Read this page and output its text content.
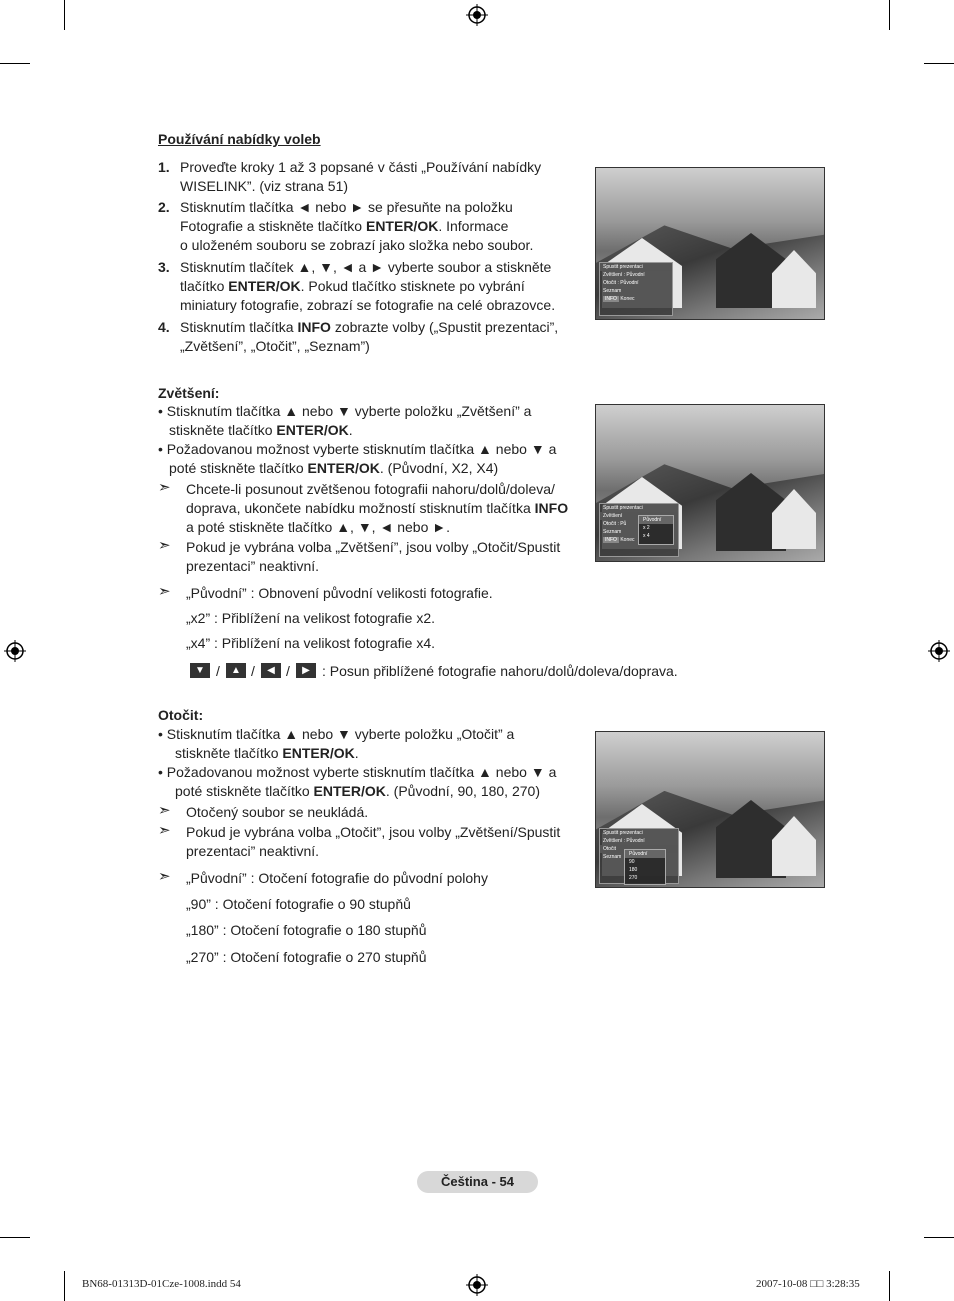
Používání nabídky voleb
1. Proveďte kroky 1 až 3 popsané v části „Používání nabídky
WISELINK”. (viz strana 51)
2. Stisknutím tlačítka ◄ nebo ► se přesuňte na položku
Fotografie a stiskněte tlačítko ENTER/OK. Informace
o uloženém souboru se zobrazí jako složka nebo soubor.
3. Stisknutím tlačítek ▲, ▼, ◄ a ► vyberte soubor a stiskněte
tlačítko ENTER/OK. Pokud tlačítko stisknete po vybrání
miniatury fotografie, zobrazí se fotografie na celé obrazovce.
4. Stisknutím tlačítka INFO zobrazte volby („Spustit prezentaci”,
„Zvětšení”, „Otočit”, „Seznam”)
Spustit prezentaci
Zvětšení : Původní
Otočit : Původní
Seznam
INFO Konec
Zvětšení:
• Stisknutím tlačítka ▲ nebo ▼ vyberte položku „Zvětšení” a
stiskněte tlačítko ENTER/OK.
• Požadovanou možnost vyberte stisknutím tlačítka ▲ nebo ▼ a
poté stiskněte tlačítko ENTER/OK. (Původní, X2, X4)
➣ Chcete-li posunout zvětšenou fotografii nahoru/dolů/doleva/
doprava, ukončete nabídku možností stisknutím tlačítka INFO
a poté stiskněte tlačítko ▲, ▼, ◄ nebo ►.
➣ Pokud je vybrána volba „Zvětšení”, jsou volby „Otočit/Spustit
prezentaci” neaktivní.
➣ „Původní” : Obnovení původní velikosti fotografie.
„x2” : Přiblížení na velikost fotografie x2.
„x4” : Přiblížení na velikost fotografie x4.
▼ /	▲ /	◀ /	▶ : Posun přiblížené fotografie nahoru/dolů/doleva/doprava.
Spustit prezentaci
Zvětšení
Otočit : Pů
Seznam
INFO Konec
Původní
x 2
x 4
Otočit:
• Stisknutím tlačítka ▲ nebo ▼ vyberte položku „Otočit” a
stiskněte tlačítko ENTER/OK.
• Požadovanou možnost vyberte stisknutím tlačítka ▲ nebo ▼ a
poté stiskněte tlačítko ENTER/OK. (Původní, 90, 180, 270)
➣ Otočený soubor se neukládá.
➣ Pokud je vybrána volba „Otočit”, jsou volby „Zvětšení/Spustit
prezentaci” neaktivní.
➣ „Původní” : Otočení fotografie do původní polohy
„90” : Otočení fotografie o 90 stupňů
„180” : Otočení fotografie o 180 stupňů
„270” : Otočení fotografie o 270 stupňů
Spustit prezentaci
Zvětšení : Původní
Otočit
Seznam	Původní
90
180
270
Čeština - 54
BN68-01313D-01Cze-1008.indd 54	2007-10-08 □□ 3:28:35
